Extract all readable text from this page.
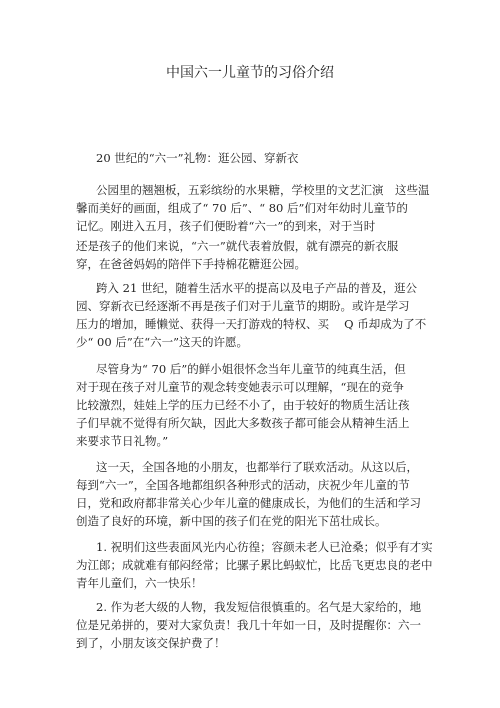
中国六一儿童节的习俗介绍
20 世纪的“六一”礼物：逛公园、穿新衣
公园里的翘翘板，五彩缤纷的水果糖，学校里的文艺汇演　这些温
馨而美好的画面，组成了“ 70 后”、“ 80 后”们对年幼时儿童节的
记忆。刚进入五月，孩子们便盼着“六一”的到来，对于当时
还是孩子的他们来说，“六一”就代表着放假，就有漂亮的新衣服
穿，在爸爸妈妈的陪伴下手持棉花糖逛公园。
跨入 21 世纪，随着生活水平的提高以及电子产品的普及，逛公
园、穿新衣已经逐渐不再是孩子们对于儿童节的期盼。或许是学习
压力的增加，睡懒觉、获得一天打游戏的特权、买　 Q 币却成为了不
少“ 00 后”在“六一”这天的许愿。
尽管身为“ 70 后”的鲜小姐很怀念当年儿童节的纯真生活，但
对于现在孩子对儿童节的观念转变她表示可以理解，“现在的竞争
比较激烈，娃娃上学的压力已经不小了，由于较好的物质生活让孩
子们早就不觉得有所欠缺，因此大多数孩子都可能会从精神生活上
来要求节日礼物。”
这一天，全国各地的小朋友，也都举行了联欢活动。从这以后，
每到“六一”，全国各地都组织各种形式的活动，庆祝少年儿童的节
日，党和政府都非常关心少年儿童的健康成长，为他们的生活和学习
创造了良好的环境，新中国的孩子们在党的阳光下茁壮成长。
1. 祝明们这些表面风光内心彷徨；容颜未老人已沧桑；似乎有才实
为江郎；成就难有郁闷经常；比骡子累比蚂蚁忙，比岳飞更忠良的老中
青年儿童们，六一快乐！
2. 作为老大级的人物，我发短信很慎重的。名气是大家给的，地
位是兄弟拼的，要对大家负责！我几十年如一日，及时提醒你：六一
到了，小朋友该交保护费了！
